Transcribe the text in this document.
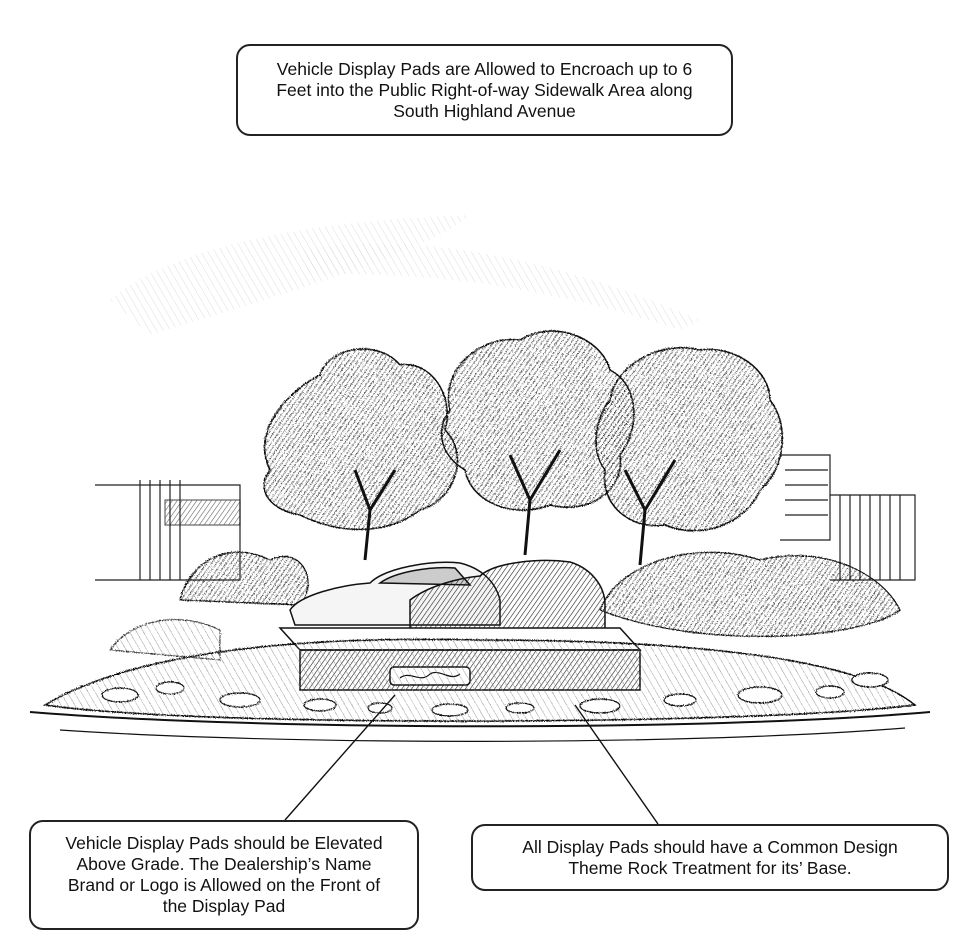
Vehicle Display Pads are Allowed to Encroach up to 6
Feet into the Public Right-of-way Sidewalk Area along
South Highland Avenue
Vehicle Display Pads should be Elevated
Above Grade. The Dealership’s Name
Brand or Logo is Allowed on the Front of
the Display Pad
All Display Pads should have a Common Design
Theme Rock Treatment for its’ Base.
